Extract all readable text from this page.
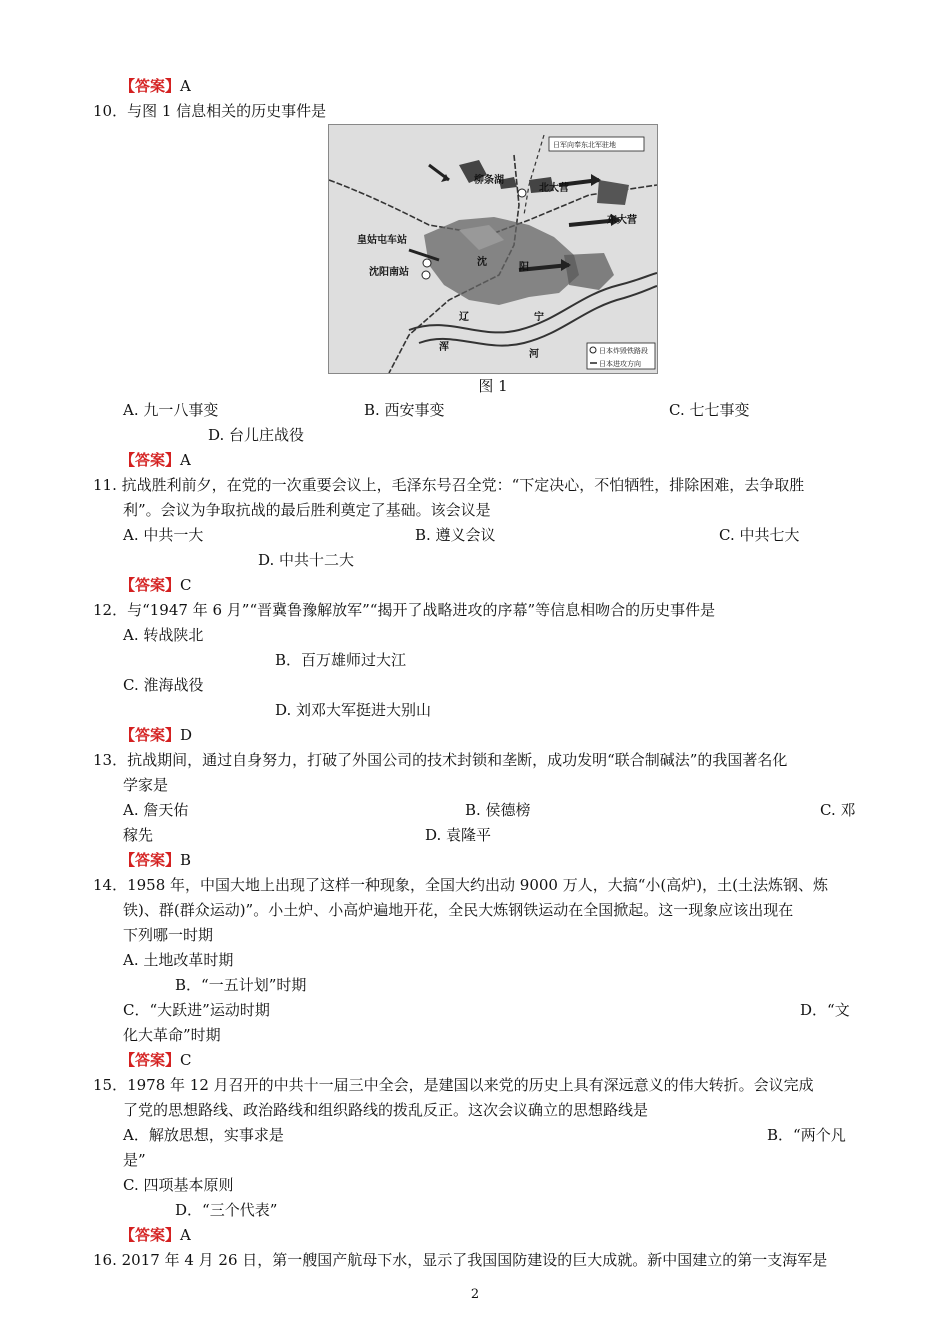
【答案】A
10．与图 1 信息相关的历史事件是
日军向奉东北军驻地
日本炸毁铁路段
日本进攻方向
北大营
柳条湖
东大营
皇姑屯车站
沈阳南站
辽	宁
浑
河
沈	阳
图 1
A. 九一八事变	B. 西安事变	C. 七七事变
D. 台儿庄战役
【答案】A
11. 抗战胜利前夕，在党的一次重要会议上，毛泽东号召全党：“下定决心，不怕牺牲，排除困难，去争取胜
利”。会议为争取抗战的最后胜利奠定了基础。该会议是
A. 中共一大	B. 遵义会议	C. 中共七大
D. 中共十二大
【答案】C
12．与“1947 年 6 月”“晋冀鲁豫解放军”“揭开了战略进攻的序幕”等信息相吻合的历史事件是
A. 转战陕北
B．百万雄师过大江
C. 淮海战役
D. 刘邓大军挺进大别山
【答案】D
13．抗战期间，通过自身努力，打破了外国公司的技术封锁和垄断，成功发明“联合制碱法”的我国著名化
学家是
A. 詹天佑	B. 侯德榜	C. 邓
稼先	D. 袁隆平
【答案】B
14．1958 年，中国大地上出现了这样一种现象，全国大约出动 9000 万人，大搞“小(高炉)，土(土法炼钢、炼
铁)、群(群众运动)”。小土炉、小高炉遍地开花，全民大炼钢铁运动在全国掀起。这一现象应该出现在
下列哪一时期
A. 土地改革时期
B．“一五计划”时期
C．“大跃进”运动时期	D．“文
化大革命”时期
【答案】C
15．1978 年 12 月召开的中共十一届三中全会，是建国以来党的历史上具有深远意义的伟大转折。会议完成
了党的思想路线、政治路线和组织路线的拨乱反正。这次会议确立的思想路线是
A．解放思想，实事求是	B．“两个凡
是”
C. 四项基本原则
D．“三个代表”
【答案】A
16. 2017 年 4 月 26 日，第一艘国产航母下水，显示了我国国防建设的巨大成就。新中国建立的第一支海军是
2
